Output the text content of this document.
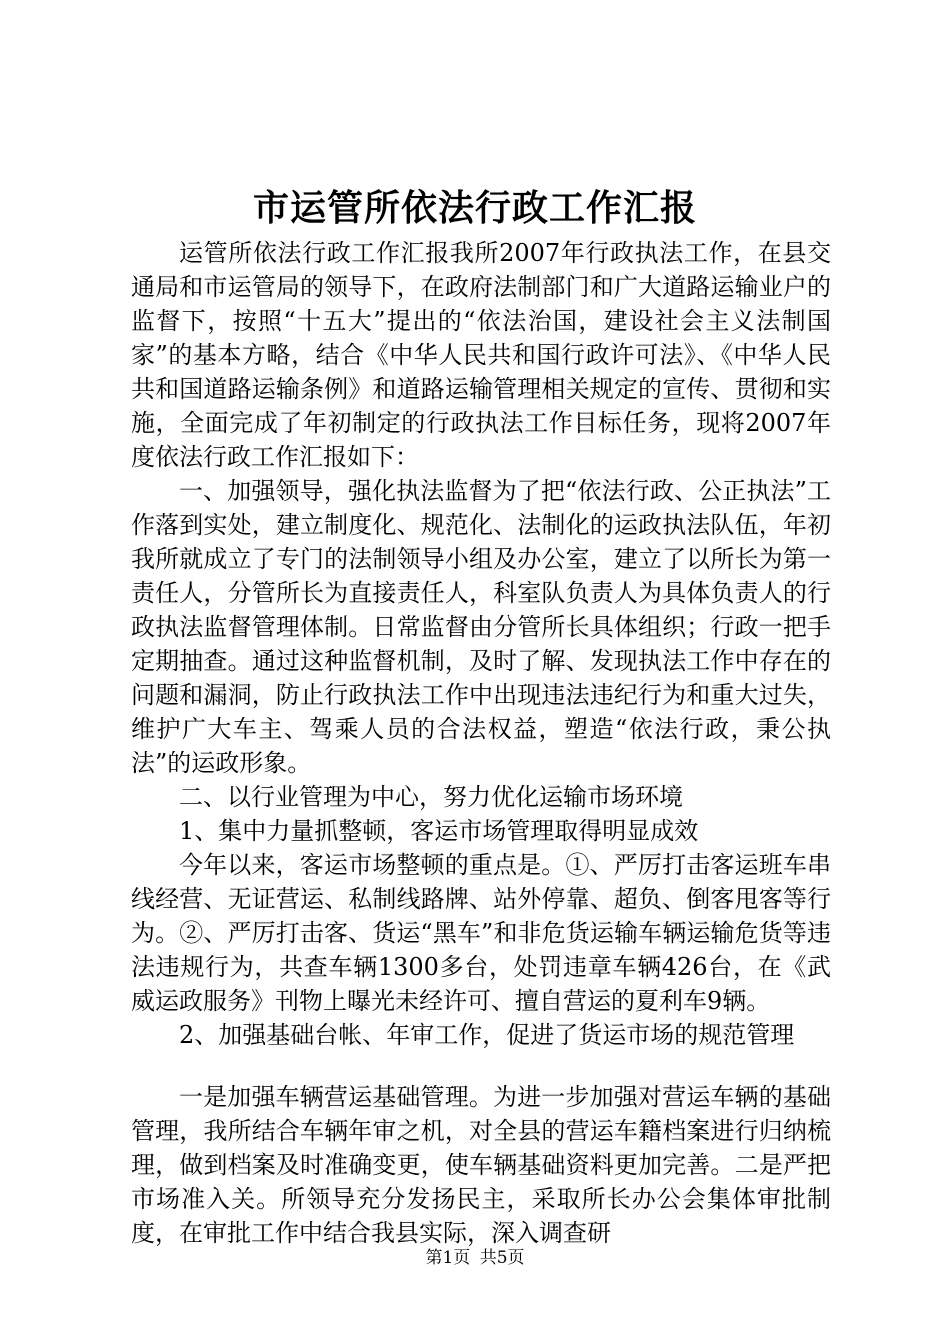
市运管所依法行政工作汇报

运管所依法行政工作汇报我所2007年行政执法工作，在县交通局和市运管局的领导下，在政府法制部门和广大道路运输业户的监督下，按照“十五大”提出的“依法治国，建设社会主义法制国家”的基本方略，结合《中华人民共和国行政许可法》、《中华人民共和国道路运输条例》和道路运输管理相关规定的宣传、贯彻和实施，全面完成了年初制定的行政执法工作目标任务，现将2007年度依法行政工作汇报如下：

一、加强领导，强化执法监督为了把“依法行政、公正执法”工作落到实处，建立制度化、规范化、法制化的运政执法队伍，年初我所就成立了专门的法制领导小组及办公室，建立了以所长为第一责任人，分管所长为直接责任人，科室队负责人为具体负责人的行政执法监督管理体制。日常监督由分管所长具体组织；行政一把手定期抽查。通过这种监督机制，及时了解、发现执法工作中存在的问题和漏洞，防止行政执法工作中出现违法违纪行为和重大过失，维护广大车主、驾乘人员的合法权益，塑造“依法行政，秉公执法”的运政形象。

二、以行业管理为中心，努力优化运输市场环境

1、集中力量抓整顿，客运市场管理取得明显成效

今年以来，客运市场整顿的重点是。①、严厉打击客运班车串线经营、无证营运、私制线路牌、站外停靠、超负、倒客甩客等行为。②、严厉打击客、货运“黑车”和非危货运输车辆运输危货等违法违规行为，共查车辆1300多台，处罚违章车辆426台，在《武威运政服务》刊物上曝光未经许可、擅自营运的夏利车9辆。

2、加强基础台帐、年审工作，促进了货运市场的规范管理

一是加强车辆营运基础管理。为进一步加强对营运车辆的基础管理，我所结合车辆年审之机，对全县的营运车籍档案进行归纳梳理，做到档案及时准确变更，使车辆基础资料更加完善。二是严把市场准入关。所领导充分发扬民主，采取所长办公会集体审批制度，在审批工作中结合我县实际，深入调查研

第1页 共5页
